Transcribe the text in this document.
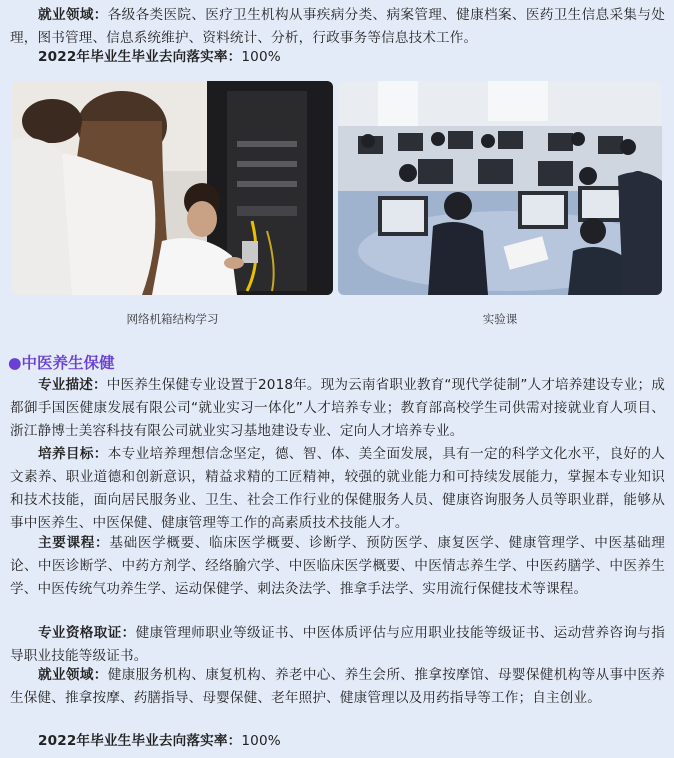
就业领域：各级各类医院、医疗卫生机构从事疾病分类、病案管理、健康档案、医药卫生信息采集与处理，图书管理、信息系统维护、资料统计、分析，行政事务等信息技术工作。

2022年毕业生毕业去向落实率：100%

网络机箱结构学习	实验课
●中医养生保健

专业描述：中医养生保健专业设置于2018年。现为云南省职业教育“现代学徒制”人才培养建设专业；成都御手国医健康发展有限公司“就业实习一体化”人才培养专业；教育部高校学生司供需对接就业育人项目、浙江静博士美容科技有限公司就业实习基地建设专业、定向人才培养专业。

培养目标：本专业培养理想信念坚定，德、智、体、美全面发展，具有一定的科学文化水平，良好的人文素养、职业道德和创新意识，精益求精的工匠精神，较强的就业能力和可持续发展能力，掌握本专业知识和技术技能，面向居民服务业、卫生、社会工作行业的保健服务人员、健康咨询服务人员等职业群，能够从事中医养生、中医保健、健康管理等工作的高素质技术技能人才。

主要课程：基础医学概要、临床医学概要、诊断学、预防医学、康复医学、健康管理学、中医基础理论、中医诊断学、中药方剂学、经络腧穴学、中医临床医学概要、中医情志养生学、中医药膳学、中医养生学、中医传统气功养生学、运动保健学、刺法灸法学、推拿手法学、实用流行保健技术等课程。

专业资格取证：健康管理师职业等级证书、中医体质评估与应用职业技能等级证书、运动营养咨询与指导职业技能等级证书。

就业领域：健康服务机构、康复机构、养老中心、养生会所、推拿按摩馆、母婴保健机构等从事中医养生保健、推拿按摩、药膳指导、母婴保健、老年照护、健康管理以及用药指导等工作；自主创业。

2022年毕业生毕业去向落实率：100%
